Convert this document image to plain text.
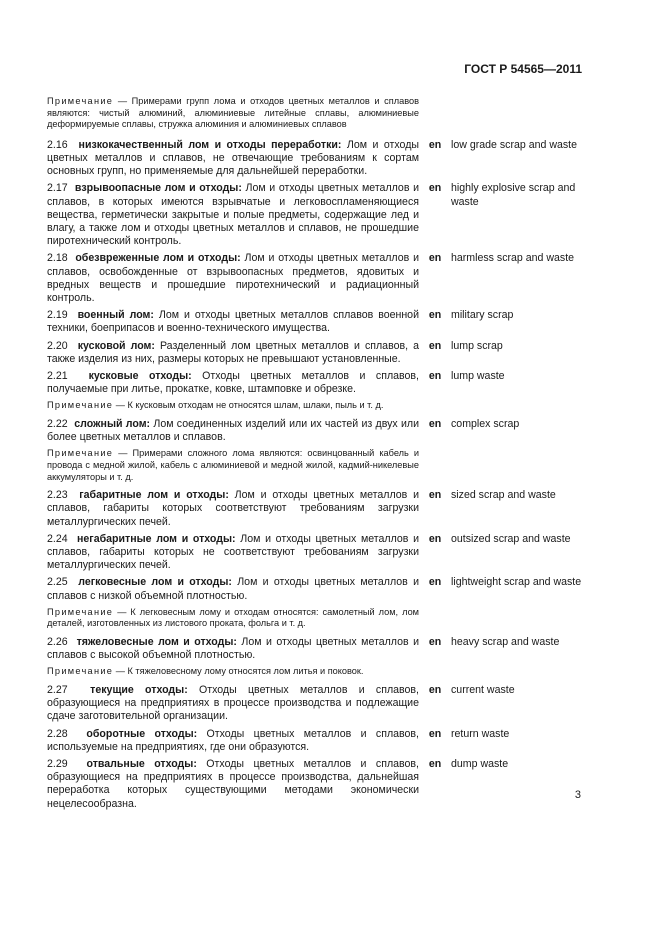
ГОСТ Р 54565—2011
Примечание — Примерами групп лома и отходов цветных металлов и сплавов являются: чистый алюминий, алюминиевые литейные сплавы, алюминиевые деформируемые сплавы, стружка алюминия и алюминиевых сплавов
2.16 низкокачественный лом и отходы переработки: Лом и отходы цветных металлов и сплавов, не отвечающие требованиям к сортам основных групп, но применяемые для дальнейшей переработки.
en low grade scrap and waste
2.17 взрывоопасные лом и отходы: Лом и отходы цветных металлов и сплавов, в которых имеются взрывчатые и легковоспламеняющиеся вещества, герметически закрытые и полые предметы, содержащие лед и влагу, а также лом и отходы цветных металлов и сплавов, не прошедшие пиротехнический контроль.
en highly explosive scrap and waste
2.18 обезвреженные лом и отходы: Лом и отходы цветных металлов и сплавов, освобожденные от взрывоопасных предметов, ядовитых и вредных веществ и прошедшие пиротехнический и радиационный контроль.
en harmless scrap and waste
2.19 военный лом: Лом и отходы цветных металлов сплавов военной техники, боеприпасов и военно-технического имущества.
en military scrap
2.20 кусковой лом: Разделенный лом цветных металлов и сплавов, а также изделия из них, размеры которых не превышают установленные.
en lump scrap
2.21 кусковые отходы: Отходы цветных металлов и сплавов, получаемые при литье, прокатке, ковке, штамповке и обрезке.
en lump waste
Примечание — К кусковым отходам не относятся шлам, шлаки, пыль и т. д.
2.22 сложный лом: Лом соединенных изделий или их частей из двух или более цветных металлов и сплавов.
en complex scrap
Примечание — Примерами сложного лома являются: освинцованный кабель и провода с медной жилой, кабель с алюминиевой и медной жилой, кадмий-никелевые аккумуляторы и т. д.
2.23 габаритные лом и отходы: Лом и отходы цветных металлов и сплавов, габариты которых соответствуют требованиям загрузки металлургических печей.
en sized scrap and waste
2.24 негабаритные лом и отходы: Лом и отходы цветных металлов и сплавов, габариты которых не соответствуют требованиям загрузки металлургических печей.
en outsized scrap and waste
2.25 легковесные лом и отходы: Лом и отходы цветных металлов и сплавов с низкой объемной плотностью.
en lightweight scrap and waste
Примечание — К легковесным лому и отходам относятся: самолетный лом, лом деталей, изготовленных из листового проката, фольга и т. д.
2.26 тяжеловесные лом и отходы: Лом и отходы цветных металлов и сплавов с высокой объемной плотностью.
en heavy scrap and waste
Примечание — К тяжеловесному лому относятся лом литья и поковок.
2.27 текущие отходы: Отходы цветных металлов и сплавов, образующиеся на предприятиях в процессе производства и подлежащие сдаче заготовительной организации.
en current waste
2.28 оборотные отходы: Отходы цветных металлов и сплавов, используемые на предприятиях, где они образуются.
en return waste
2.29 отвальные отходы: Отходы цветных металлов и сплавов, образующиеся на предприятиях в процессе производства, дальнейшая переработка которых существующими методами экономически нецелесообразна.
en dump waste
3
